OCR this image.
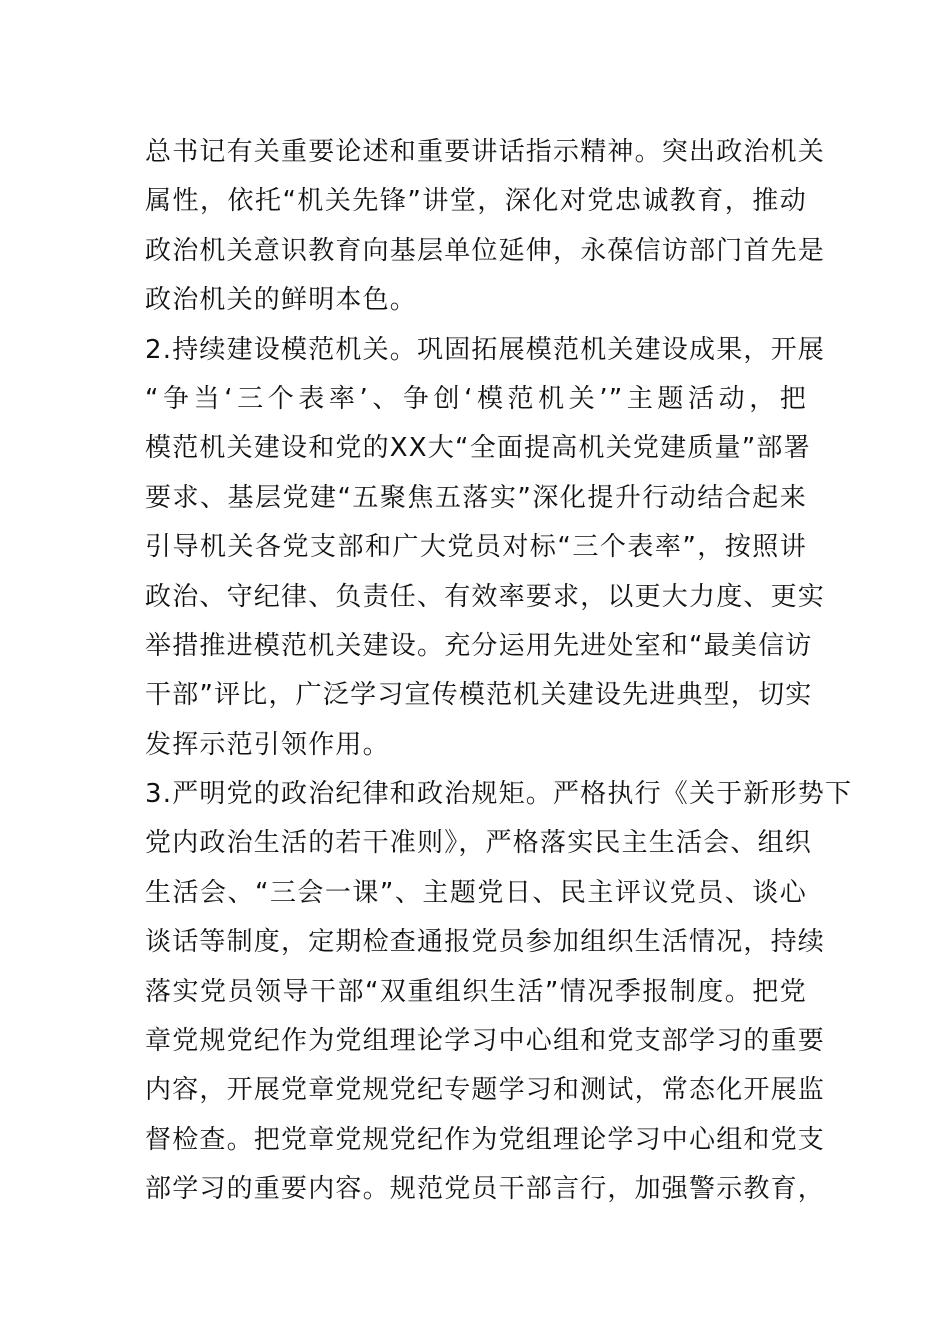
总书记有关重要论述和重要讲话指示精神。突出政治机关
属性，依托“机关先锋”讲堂，深化对党忠诚教育，推动
政治机关意识教育向基层单位延伸，永葆信访部门首先是
政治机关的鲜明本色。
2.持续建设模范机关。巩固拓展模范机关建设成果，开展
“争当‘三个表率’、争创‘模范机关’”主题活动，把
模范机关建设和党的XX大“全面提高机关党建质量”部署
要求、基层党建“五聚焦五落实”深化提升行动结合起来
引导机关各党支部和广大党员对标“三个表率”，按照讲
政治、守纪律、负责任、有效率要求，以更大力度、更实
举措推进模范机关建设。充分运用先进处室和“最美信访
干部”评比，广泛学习宣传模范机关建设先进典型，切实
发挥示范引领作用。
3.严明党的政治纪律和政治规矩。严格执行《关于新形势下
党内政治生活的若干准则》，严格落实民主生活会、组织
生活会、“三会一课”、主题党日、民主评议党员、谈心
谈话等制度，定期检查通报党员参加组织生活情况，持续
落实党员领导干部“双重组织生活”情况季报制度。把党
章党规党纪作为党组理论学习中心组和党支部学习的重要
内容，开展党章党规党纪专题学习和测试，常态化开展监
督检查。把党章党规党纪作为党组理论学习中心组和党支
部学习的重要内容。规范党员干部言行，加强警示教育，
